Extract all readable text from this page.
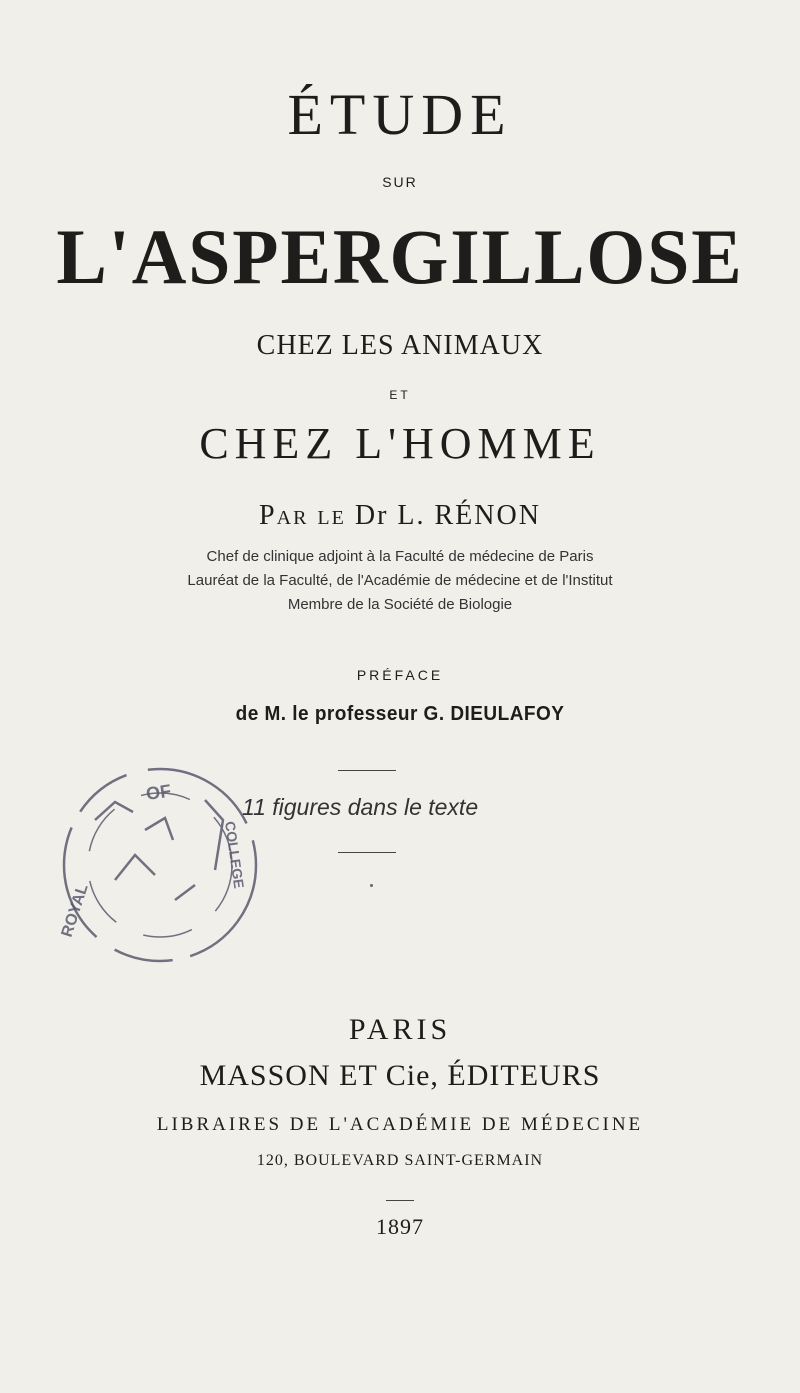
ÉTUDE
SUR
L'ASPERGILLOSE
CHEZ LES ANIMAUX
ET
CHEZ L'HOMME
Par le Dr L. RÉNON
Chef de clinique adjoint à la Faculté de médecine de Paris
Lauréat de la Faculté, de l'Académie de médecine et de l'Institut
Membre de la Société de Biologie
PRÉFACE
de M. le professeur G. DIEULAFOY
11 figures dans le texte
OF
ROYAL
COLLEGE
PARIS
MASSON ET Cie, ÉDITEURS
LIBRAIRES DE L'ACADÉMIE DE MÉDECINE
120, BOULEVARD SAINT-GERMAIN
1897
